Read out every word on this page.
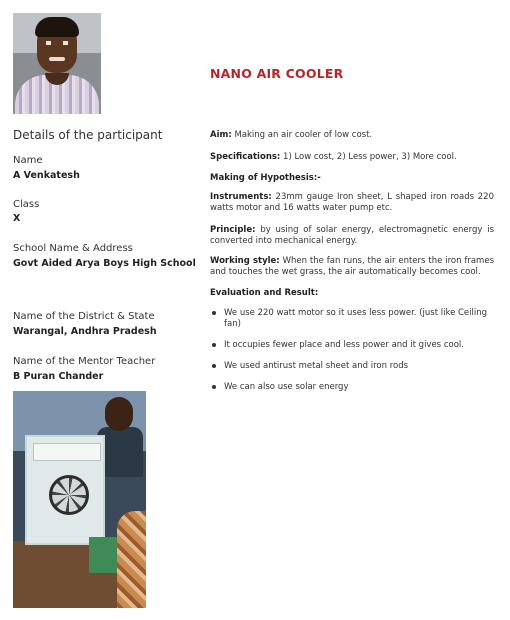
NANO AIR COOLER
Details of the participant
Name
A Venkatesh
Class
X
School Name & Address
Govt Aided Arya Boys High School
Name of the District & State
Warangal, Andhra Pradesh
Name of the Mentor Teacher
B Puran Chander
Aim: Making an air cooler of low cost.
Specifications: 1) Low cost, 2) Less power, 3) More cool.
Making of Hypothesis:-
Instruments: 23mm gauge Iron sheet, L shaped iron roads 220 watts motor and 16 watts water pump etc.
Principle: by using of solar energy, electromagnetic energy is converted into mechanical energy.
Working style: When the fan runs, the air enters the iron frames and touches the wet grass, the air automatically becomes cool.
Evaluation and Result:
We use 220 watt motor so it uses less power. (just like Ceiling fan)
It occupies fewer place and less power and it gives cool.
We used antirust metal sheet and iron rods
We can also use solar energy
